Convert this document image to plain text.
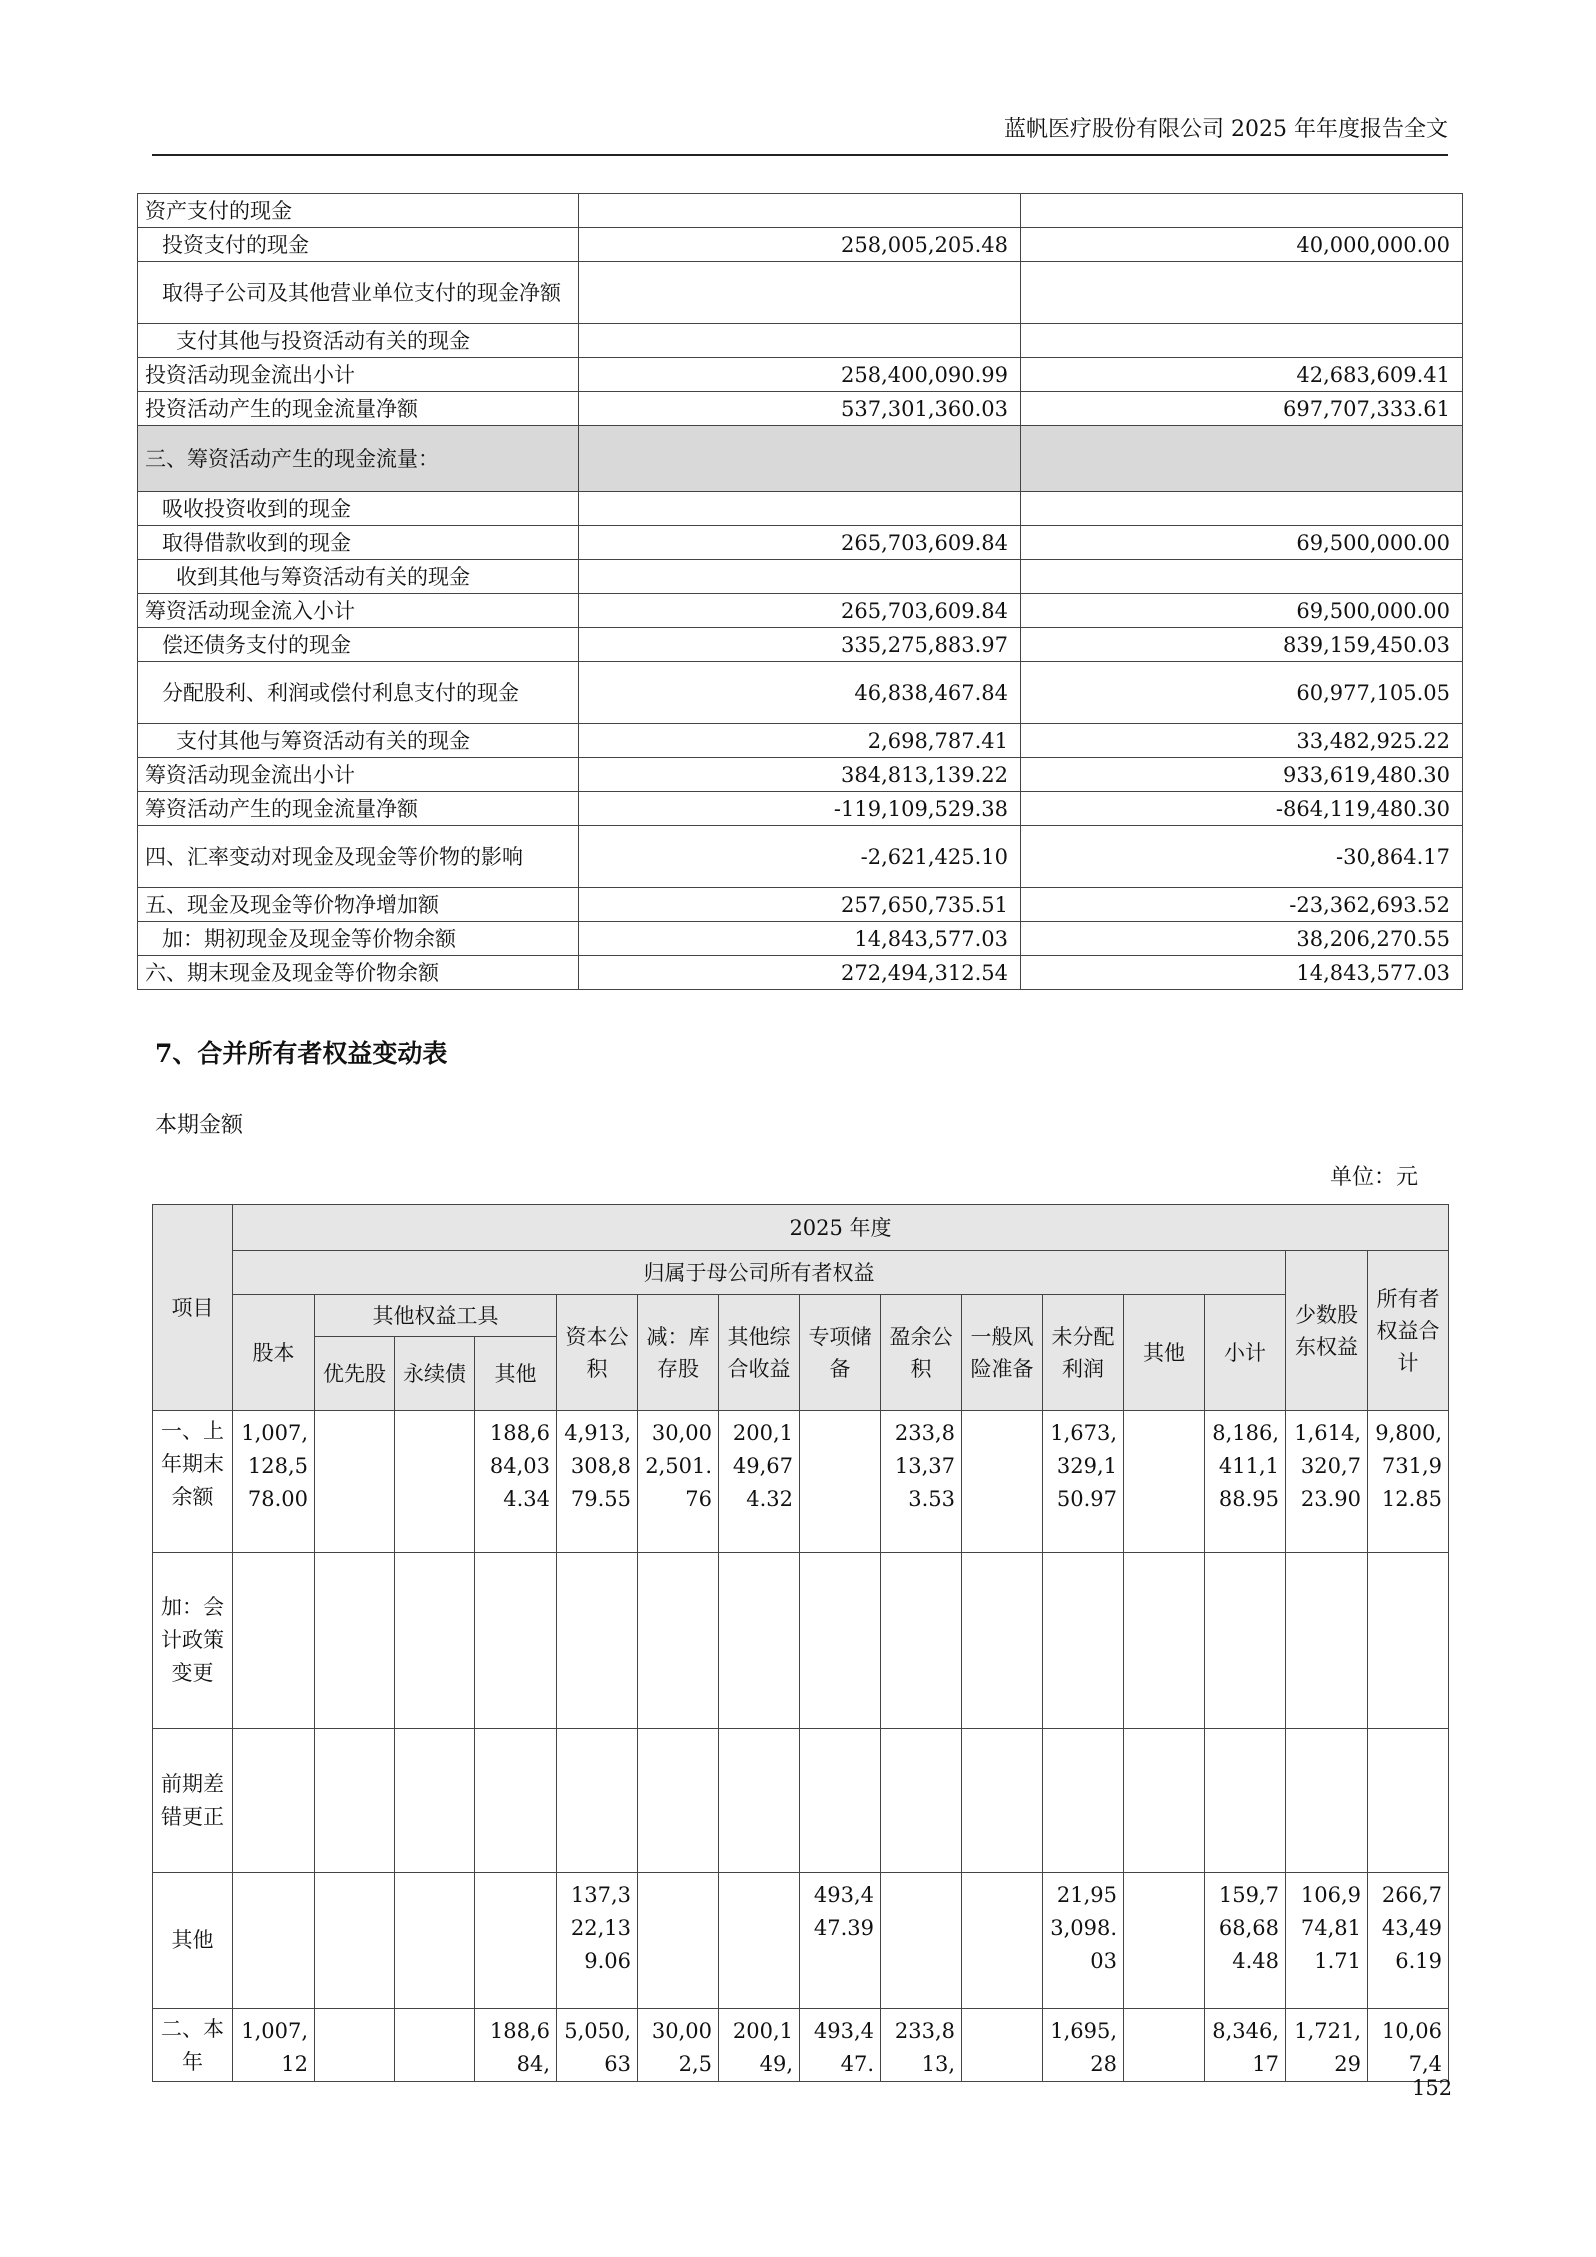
蓝帆医疗股份有限公司 2025 年年度报告全文
资产支付的现金		
投资支付的现金	258,005,205.48	40,000,000.00
取得子公司及其他营业单位支付的现金净额		
支付其他与投资活动有关的现金		
投资活动现金流出小计	258,400,090.99	42,683,609.41
投资活动产生的现金流量净额	537,301,360.03	697,707,333.61
三、筹资活动产生的现金流量：		
吸收投资收到的现金		
取得借款收到的现金	265,703,609.84	69,500,000.00
收到其他与筹资活动有关的现金		
筹资活动现金流入小计	265,703,609.84	69,500,000.00
偿还债务支付的现金	335,275,883.97	839,159,450.03
分配股利、利润或偿付利息支付的现金	46,838,467.84	60,977,105.05
支付其他与筹资活动有关的现金	2,698,787.41	33,482,925.22
筹资活动现金流出小计	384,813,139.22	933,619,480.30
筹资活动产生的现金流量净额	-119,109,529.38	-864,119,480.30
四、汇率变动对现金及现金等价物的影响	-2,621,425.10	-30,864.17
五、现金及现金等价物净增加额	257,650,735.51	-23,362,693.52
加：期初现金及现金等价物余额	14,843,577.03	38,206,270.55
六、期末现金及现金等价物余额	272,494,312.54	14,843,577.03
7、合并所有者权益变动表
本期金额
单位：元
项目	2025 年度														
	归属于母公司所有者权益													少数股东权益	所有者权益合计
	股本	其他权益工具			资本公积	减：库存股	其他综合收益	专项储备	盈余公积	一般风险准备	未分配利润	其他	小计		
		优先股	永续债	其他											
一、上年期末余额	1,007,128,578.00			188,684,034.34	4,913,308,879.55	30,002,501.76	200,149,674.32		233,813,373.53		1,673,329,150.97		8,186,411,188.95	1,614,320,723.90	9,800,731,912.85
加：会计政策变更															
前期差错更正															
其他					137,322,139.06			493,447.39			21,953,098.03		159,768,684.48	106,974,811.71	266,743,496.19
二、本年	1,007,12			188,684,	5,050,63	30,002,5	200,149,	493,447.	233,813,		1,695,28		8,346,17	1,721,29	10,067,4
152
